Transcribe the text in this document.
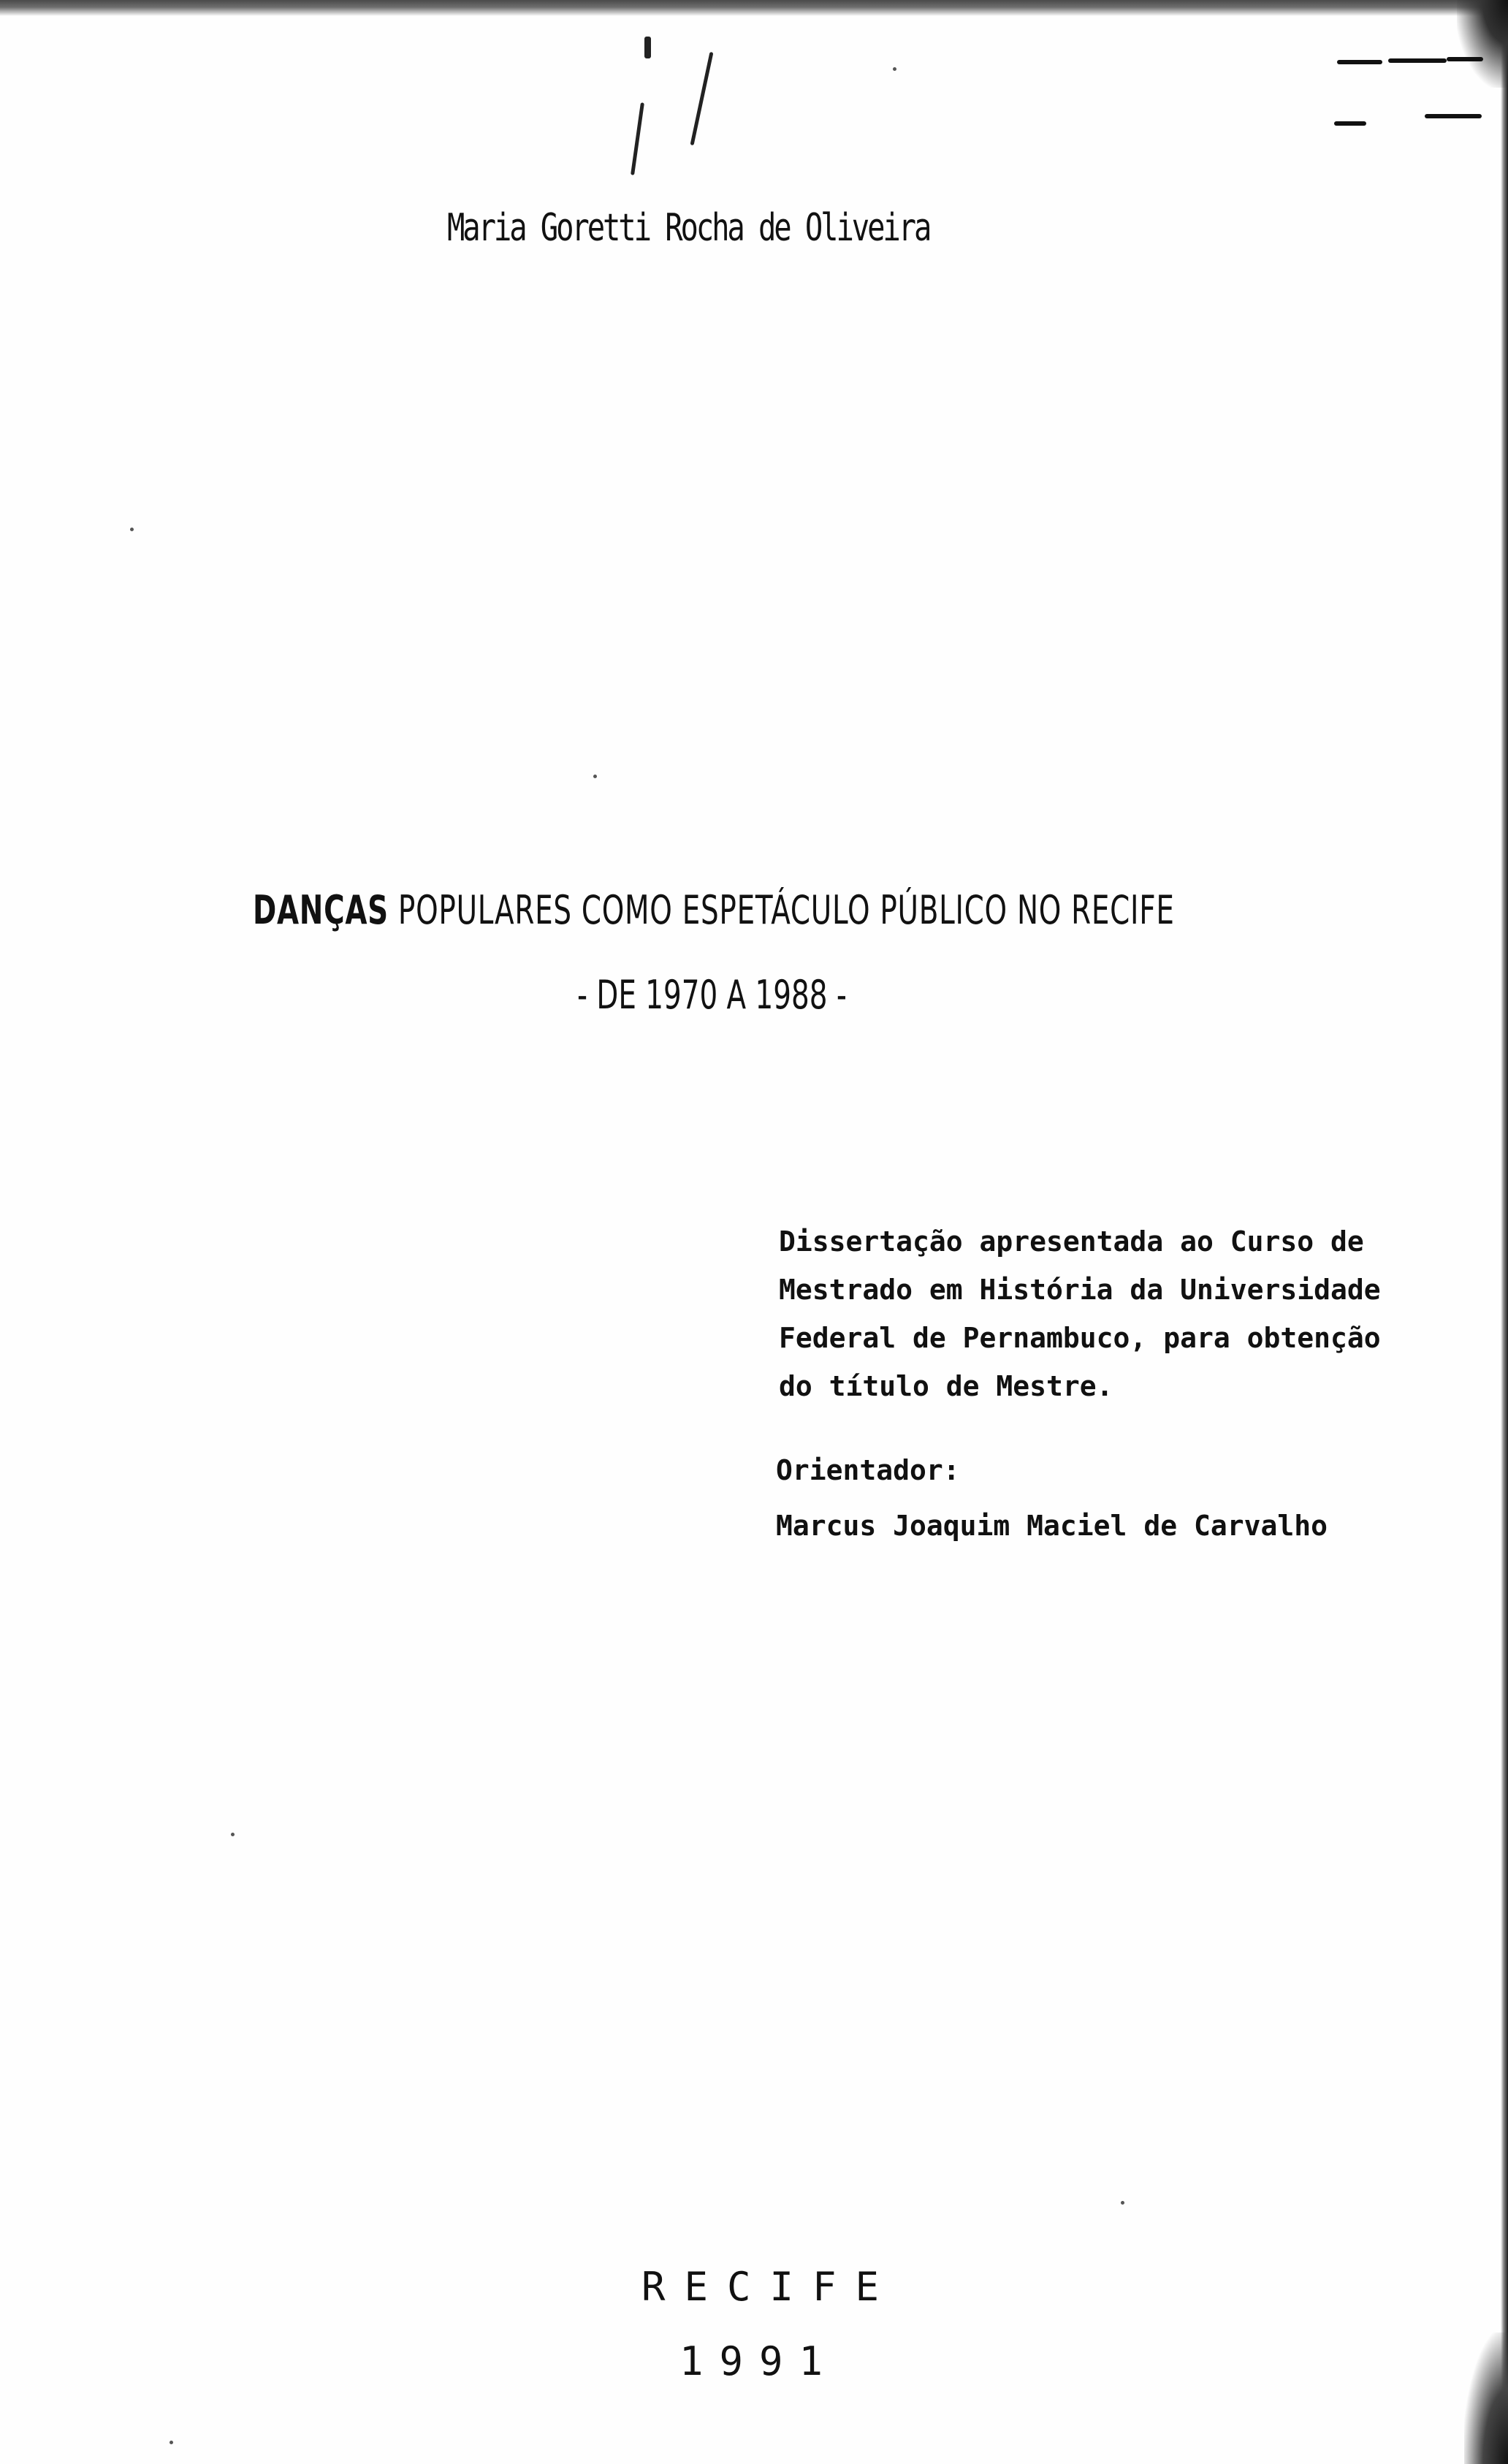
Maria Goretti Rocha de Oliveira
DANÇAS POPULARES COMO ESPETÁCULO PÚBLICO NO RECIFE
- DE 1970 A 1988 -
Dissertação apresentada ao Curso de
Mestrado em História da Universidade
Federal de Pernambuco, para obtenção
do título de Mestre.
Orientador:
Marcus Joaquim Maciel de Carvalho
RECIFE
1991
